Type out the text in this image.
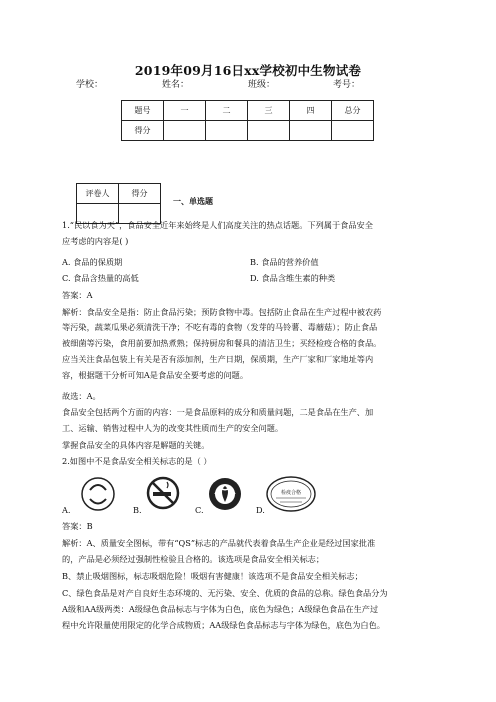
2019年09月16日xx学校初中生物试卷
学校：	姓名：	班级：	考号：
题号	一	二	三	四	总分
得分					
评卷人	得分

一、单选题
1.“民以食为天”，食品安全近年来始终是人们高度关注的热点话题。下列属于食品安全
应考虑的内容是( )
A. 食品的保质期	B. 食品的营养价值
C. 食品含热量的高低	D. 食品含维生素的种类
答案：A
解析：食品安全是指：防止食品污染；预防食物中毒。包括防止食品在生产过程中被农药
等污染，蔬菜瓜果必须清洗干净；不吃有毒的食物（发芽的马铃薯、毒蘑菇）；防止食品
被细菌等污染，食用前要加热煮熟；保持厨房和餐具的清洁卫生；买经检疫合格的食品。
应当关注食品包装上有关是否有添加剂，生产日期，保质期，生产厂家和厂家地址等内
容，根据题干分析可知A是食品安全要考虑的问题。
故选：A。
食品安全包括两个方面的内容：一是食品原料的成分和质量问题，二是食品在生产、加
工、运输、销售过程中人为的改变其性质而生产的安全问题。
掌握食品安全的具体内容是解题的关键。
2.如图中不是食品安全相关标志的是（ ）
A.	B.	C.	D.
检疫合格
答案：B
解析：A、质量安全图标，带有“QS”标志的产品就代表着食品生产企业是经过国家批准
的，产品是必须经过强制性检验且合格的。该选项是食品安全相关标志；
B、禁止吸烟图标，标志吸烟危险！吸烟有害健康！该选项不是食品安全相关标志；
C、绿色食品是对产自良好生态环境的、无污染、安全、优质的食品的总称。绿色食品分为
A级和AA级两类：A级绿色食品标志与字体为白色，底色为绿色；A级绿色食品在生产过
程中允许限量使用限定的化学合成物质；AA级绿色食品标志与字体为绿色，底色为白色。
